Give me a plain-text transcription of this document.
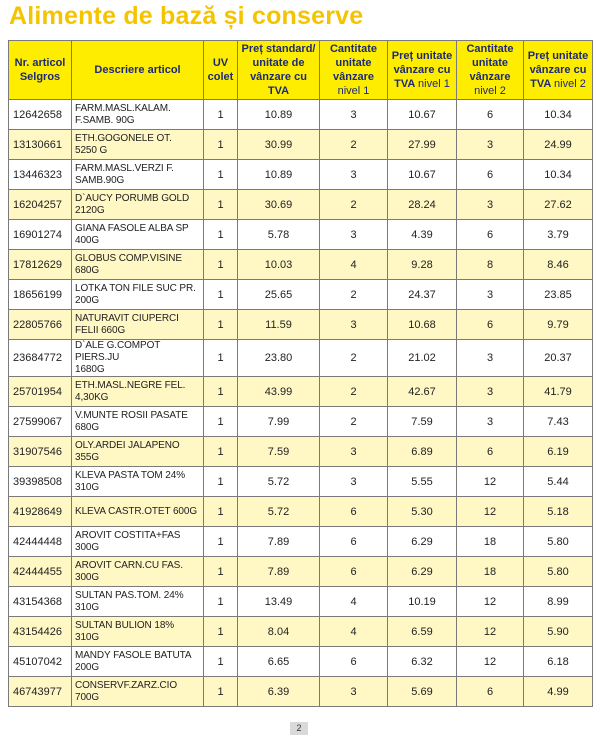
Alimente de bază și conserve
Nr. articol Selgros	Descriere articol	UV colet	Preț standard/ unitate de vânzare cu TVA	Cantitate unitate vânzare
nivel 1	Preț unitate vânzare cu TVA nivel 1	Cantitate unitate vânzare nivel 2	Preț unitate vânzare cu TVA nivel 2
12642658	FARM.MASL.KALAM.
F.SAMB. 90G	1	10.89	3	10.67	6	10.34
13130661	ETH.GOGONELE OT.
5250 G	1	30.99	2	27.99	3	24.99
13446323	FARM.MASL.VERZI F.
SAMB.90G	1	10.89	3	10.67	6	10.34
16204257	D`AUCY PORUMB GOLD
2120G	1	30.69	2	28.24	3	27.62
16901274	GIANA FASOLE ALBA SP
400G	1	5.78	3	4.39	6	3.79
17812629	GLOBUS COMP.VISINE
680G	1	10.03	4	9.28	8	8.46
18656199	LOTKA TON FILE SUC PR.
200G	1	25.65	2	24.37	3	23.85
22805766	NATURAVIT CIUPERCI
FELII 660G	1	11.59	3	10.68	6	9.79
23684772	D`ALE G.COMPOT PIERS.JU
1680G	1	23.80	2	21.02	3	20.37
25701954	ETH.MASL.NEGRE FEL.
4,30KG	1	43.99	2	42.67	3	41.79
27599067	V.MUNTE ROSII PASATE
680G	1	7.99	2	7.59	3	7.43
31907546	OLY.ARDEI JALAPENO
355G	1	7.59	3	6.89	6	6.19
39398508	KLEVA PASTA TOM 24%
310G	1	5.72	3	5.55	12	5.44
41928649	KLEVA CASTR.OTET 600G	1	5.72	6	5.30	12	5.18
42444448	AROVIT COSTITA+FAS
300G	1	7.89	6	6.29	18	5.80
42444455	AROVIT CARN.CU FAS.
300G	1	7.89	6	6.29	18	5.80
43154368	SULTAN PAS.TOM. 24%
310G	1	13.49	4	10.19	12	8.99
43154426	SULTAN BULION 18%
310G	1	8.04	4	6.59	12	5.90
45107042	MANDY FASOLE BATUTA
200G	1	6.65	6	6.32	12	6.18
46743977	CONSERVF.ZARZ.CIO
700G	1	6.39	3	5.69	6	4.99
2
